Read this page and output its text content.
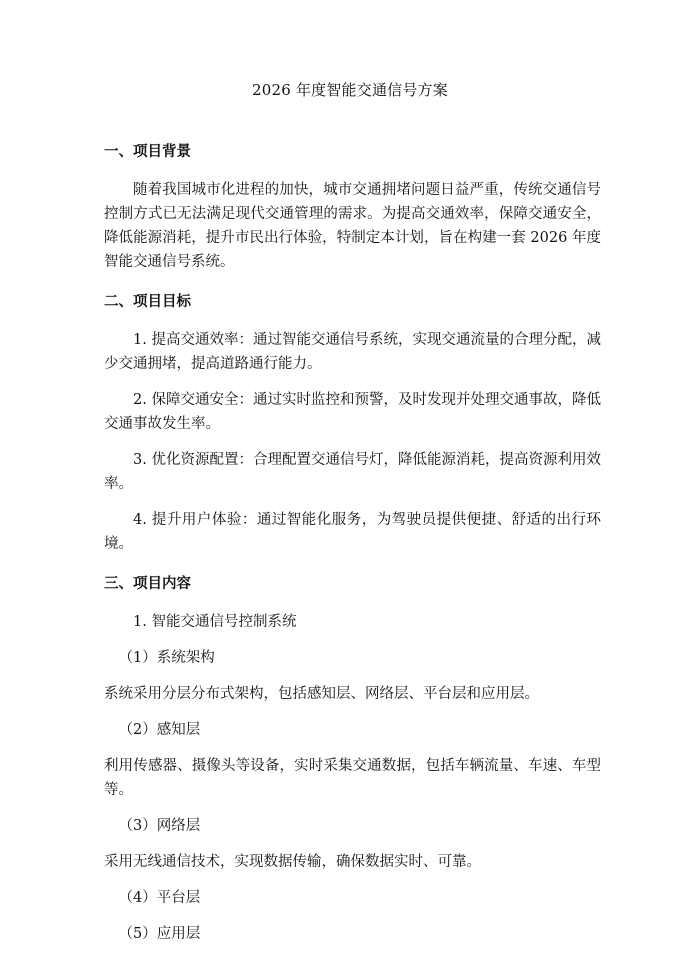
2026 年度智能交通信号方案
一、项目背景
随着我国城市化进程的加快，城市交通拥堵问题日益严重，传统交通信号控制方式已无法满足现代交通管理的需求。为提高交通效率，保障交通安全，降低能源消耗，提升市民出行体验，特制定本计划，旨在构建一套 2026 年度智能交通信号系统。
二、项目目标
1. 提高交通效率：通过智能交通信号系统，实现交通流量的合理分配，减少交通拥堵，提高道路通行能力。
2. 保障交通安全：通过实时监控和预警，及时发现并处理交通事故，降低交通事故发生率。
3. 优化资源配置：合理配置交通信号灯，降低能源消耗，提高资源利用效率。
4. 提升用户体验：通过智能化服务，为驾驶员提供便捷、舒适的出行环境。
三、项目内容
1. 智能交通信号控制系统
（1）系统架构
系统采用分层分布式架构，包括感知层、网络层、平台层和应用层。
（2）感知层
利用传感器、摄像头等设备，实时采集交通数据，包括车辆流量、车速、车型等。
（3）网络层
采用无线通信技术，实现数据传输，确保数据实时、可靠。
（4）平台层
（5）应用层
